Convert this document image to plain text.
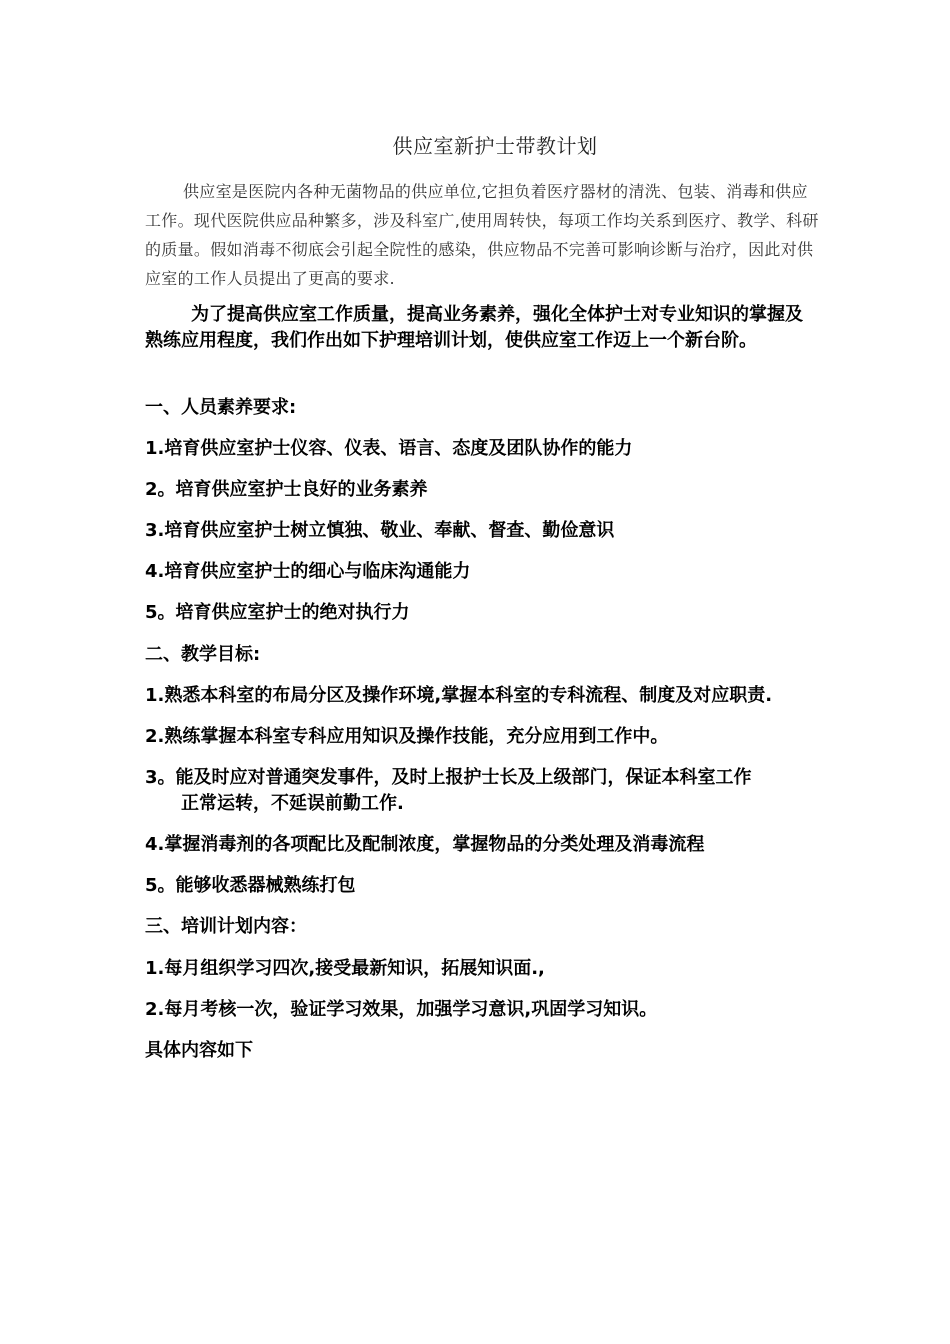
供应室新护士带教计划
供应室是医院内各种无菌物品的供应单位,它担负着医疗器材的清洗、包装、消毒和供应工作。现代医院供应品种繁多，涉及科室广,使用周转快，每项工作均关系到医疗、教学、科研的质量。假如消毒不彻底会引起全院性的感染，供应物品不完善可影响诊断与治疗，因此对供应室的工作人员提出了更高的要求.
为了提高供应室工作质量，提高业务素养，强化全体护士对专业知识的掌握及熟练应用程度，我们作出如下护理培训计划，使供应室工作迈上一个新台阶。
一、人员素养要求:
1.培育供应室护士仪容、仪表、语言、态度及团队协作的能力
2。培育供应室护士良好的业务素养
3.培育供应室护士树立慎独、敬业、奉献、督查、勤俭意识
4.培育供应室护士的细心与临床沟通能力
5。培育供应室护士的绝对执行力
二、教学目标:
1.熟悉本科室的布局分区及操作环境,掌握本科室的专科流程、制度及对应职责.
2.熟练掌握本科室专科应用知识及操作技能，充分应用到工作中。
3。能及时应对普通突发事件，及时上报护士长及上级部门，保证本科室工作
正常运转，不延误前勤工作.
4.掌握消毒剂的各项配比及配制浓度，掌握物品的分类处理及消毒流程
5。能够收悉器械熟练打包
三、培训计划内容：
1.每月组织学习四次,接受最新知识，拓展知识面.,
2.每月考核一次，验证学习效果，加强学习意识,巩固学习知识。
具体内容如下
